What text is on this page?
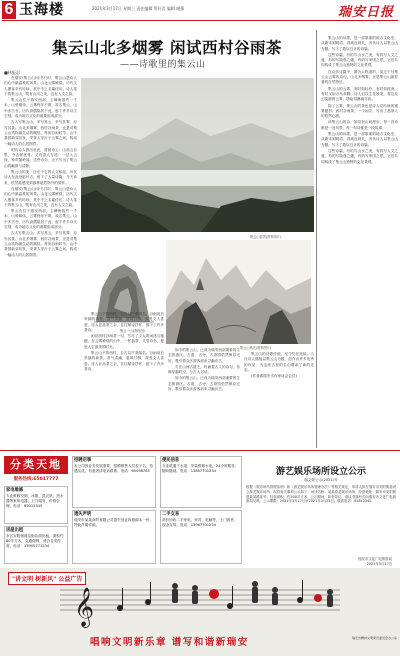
6 玉海楼	2021年3月17日 星期三 责任编辑 管好君 编辑 谢强	瑞安日报
集云山北多烟雾 闲试西村谷雨茶
——诗歌里的集云山
■林振羽

在瑞安(集云山)诗书门时，集云山是诗人们心中最温柔的风景。山北云雾缭绕，历代文人墨客多有吟咏，其中不乏名篇佳句，诗人笔下的集云山，既有山川之美，也有人文之韵。

集云山位于瑞安西部，主峰海拔约一千米，山势雄伟，云雾终年不散，故名集云。山中多古寺，历代高僧隐居于此，留下许多诗文石刻，成为地方文化的重要组成部分。

古人写集云山，多写其云，多写其雾，亦写其茶。山北多烟雾，西村谷雨茶，正是对集云山风物最生动的概括。每到谷雨时节，山中茶园新芽初发，采茶人穿行于云雾之间，构成一幅动人的山居图景。

明代诗人游历至此，曾留诗云：山高云自集，寺古树犹青。又有清人写道：一径入云深，钟声隔岭闻。这些诗句，无不写出了集云山的幽深与清静。

集云山的美，还在于它的人文积淀。历代诗人在此登临怀古，留下了大量诗篇。今天读来，依然能感受到那种超然物外的情怀。

在瑞安(集云山)诗书门时，集云山是诗人们心中最温柔的风景。山北云雾缭绕，历代文人墨客多有吟咏，其中不乏名篇佳句，诗人笔下的集云山，既有山川之美，也有人文之韵。

集云山位于瑞安西部，主峰海拔约一千米，山势雄伟，云雾终年不散，故名集云。山中多古寺，历代高僧隐居于此，留下许多诗文石刻，成为地方文化的重要组成部分。

古人写集云山，多写其云，多写其雾，亦写其茶。山北多烟雾，西村谷雨茶，正是对集云山风物最生动的概括。每到谷雨时节，山中茶园新芽初发，采茶人穿行于云雾之间，构成一幅动人的山居图景。

集云山春景(资料图片)
集云一山(资料图)

集云山下的西村，自古以产茶闻名。谷雨前后采摘的新茶，香气清幽，滋味甘醇，深受文人喜爱。诗人在品茶之余，往往赋诗抒怀，留下了许多茶诗。

闲试西村谷雨茶一句，写尽了文人的闲适与雅趣。在云雾缭绕的山中，一杯新茶，几卷诗书，便是人生最美的时光。

集云山下的西村，自古以产茶闻名。谷雨前后采摘的新茶，香气清幽，滋味甘醇，深受文人喜爱。诗人在品茶之余，往往赋诗抒怀，留下了许多茶诗。

集云山风光(资料图片)

如今的集云山，已成为瑞安西部重要的生态旅游区。古道、古寺、古茶园依然保存完好，吸引着众多游客前来寻幽访古。

走在山间古道上，吟诵着古人的诗句，仿佛穿越时空，与古人对话。

如今的集云山，已成为瑞安西部重要的生态旅游区。古道、古寺、古茶园依然保存完好，吸引着众多游客前来寻幽访古。

集云山的诗歌传统，至今仍在延续。当代诗人继续以集云山为题，创作出许多优秀的作品，为这座古老的名山增添了新的光彩。

(作者系瑞安市作家协会会员)

集云山的诗歌，是一部厚重的地方文化史。从唐宋到明清，再到近现代，历代诗人以集云山为题，写下了数以百计的诗篇。

这些诗篇，有的写山水之美，有的写人文之盛，有的写隐逸之趣，有的写家国之思。它们共同构成了集云山独特的文化景观。

在众多诗篇中，最为人称道的，莫过于写集云山云雾的诗句。山北多烟雾，正是集云山最显著的自然特征。

集云山的云雾，有时如轻纱，有时如波涛，有时又如万马奔腾。诗人们以生花妙笔，将这变幻莫测的云雾，描绘得淋漓尽致。

除了云雾，集云山的茶也是诗人们吟咏的重要题材。西村谷雨茶，一个闲字，写出了品茶人的悠然心境。

读集云山的诗，如同在山间漫步，每一首诗都是一处风景，每一句诗都是一段故事。

集云山的诗歌，是一部厚重的地方文化史。从唐宋到明清，再到近现代，历代诗人以集云山为题，写下了数以百计的诗篇。

这些诗篇，有的写山水之美，有的写人文之盛，有的写隐逸之趣，有的写家国之思。它们共同构成了集云山独特的文化景观。

分类天地
服务热线:65017777
家电维修
专业维修空调、冰箱、洗衣机、热水器等家用电器，上门服务，价格合理。电话：65012345
房屋出租
市区安阳街道沿街店面出租，面积约80平方米，交通便利，适合各类经营。电话：13905771234
招聘启事
本公司因业务发展需要，招聘销售人员若干名，待遇从优。有意者请电话联系。电话：65098765
遗失声明
瑞安市某某商贸有限公司遗失营业执照副本一份，特此声明作废。
便民信息
专业疏通下水道、安装维修水电，24小时服务，随叫随到。电话：13857701234
二手交易
高价回收二手家电、家具、电脑等，上门看货，现金交易。电话：13967701234
游艺娱乐场所设立公示
瑞文娱公示(2021)号
根据《娱乐场所管理条例》和《游艺娱乐场所管理办法》等相关规定，申请人拟在瑞安市安阳街道设立游艺娱乐场所，现将有关事项公示如下：场所名称：某某游艺娱乐场所；经营地址：瑞安市安阳街道某某路某号；经营面积：约300平方米。公示期间，如有异议，请以书面形式向瑞安市文化广电旅游局反映。公示期限：2021年3月17日至2021年3月23日。联系电话：65812345
瑞安市文化广电旅游局
2021年3月17日
𝄞
"讲文明 树新风" 公益广告
唱响文明新乐章 谱写和谐新瑞安	瑞安市精神文明建设委员会办公室
